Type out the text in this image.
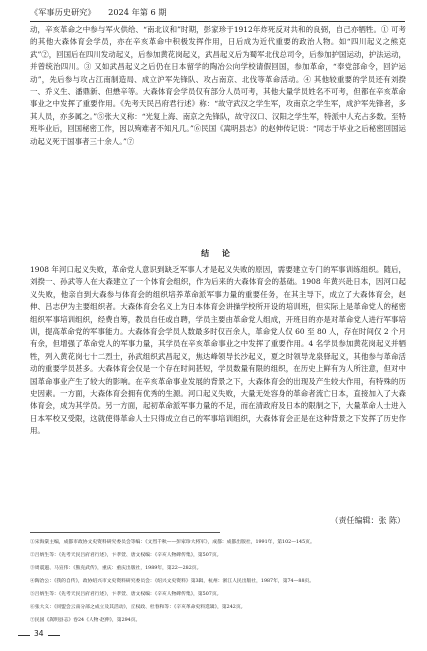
《军事历史研究》 2024 年第 6 期

动，辛亥革命之中参与军火供给、“南北议和”时期，彭家珍于1912年炸死反对共和的良弼，自己亦牺牲。① 可考的其他大森体育会学员，亦在辛亥革命中积极发挥作用，日后成为近代重要的政治人物。如“四川起义之熊克武”②，回国后在四川发动起义，后参加黄花岗起义，武昌起义后为蜀军北伐总司令，后参加护国运动，护法运动，并曾统治四川。③ 又如武昌起义之后仍在日本留学的陶冶公向学校请假回国，参加革命，“奉党部命令，回沪运动”，先后参与攻占江南制造局、成立沪军先锋队、攻占南京、北伐等革命活动。④ 其他较重要的学员还有刘揆一、乔义生、潘鼎新、但懋辛等。大森体育会学员仅有部分人员可考，其他大量学员姓名不可考，但都在辛亥革命事业之中发挥了重要作用。《先考天民吕府君行述》称：“故守武汉之学生军，攻南京之学生军，成沪军先锋者，多其人员，亦多属之。”⑤张大义称：“光复上海、南京之先锋队，故守汉口、汉阳之学生军，特派中人充占多数。至特班毕业后，回国秘密工作，因以殉难者不知凡几。”⑥民国《嵩明县志》的赵伸传记说：“同志于毕业之后秘密回国运动起义死于国事者三十余人。”⑦

结 论

1908 年河口起义失败，革命党人意识到缺乏军事人才是起义失败的原因，需要建立专门的军事训练组织。随后，刘揆一、孙武等人在大森建立了一个体育会组织，作为后来的大森体育会的基础。1908 年黄兴赴日本，因河口起义失败，他亲自到大森参与体育会的组织培养革命派军事力量的重要任务，在其主导下，成立了大森体育会，赵伸、吕志伊为主要组织者。大森体育会名义上为日本体育会讲操学校所开设的培训班，但实际上是革命党人的秘密组织军事培训组织，经费自筹，教员自任或自聘，学员主要由革命党人组成，开班目的亦是对革命党人进行军事培训，提高革命党的军事能力。大森体育会学员人数最多时仅百余人，革命党人仅 60 至 80 人，存在时间仅 2 个月有余，但增强了革命党人的军事力量，其学员在辛亥革命事业之中发挥了重要作用。4 名学员参加黄花岗起义并牺牲，列入黄花岗七十二烈士，孙武组织武昌起义，焦达峰领导长沙起义，夏之时领导龙泉驿起义，其他参与革命活动的重要学员甚多。大森体育会仅是一个存在时间甚短，学员数量有限的组织，在历史上鲜有为人所注意，但对中国革命事业产生了较大的影响。在辛亥革命事业发展的背景之下，大森体育会的出现及产生较大作用，有特殊的历史因素。一方面，大森体育会拥有优秀的生源。河口起义失败，大量无处容身的革命者流亡日本，直接加入了大森体育会，成为其学员。另一方面，起初革命派军事力量的不足，而在清政府及日本的限制之下，大量革命人士进入日本军校又受限，这就使得革命人士只得成立自己的军事培训组织，大森体育会正是在这种背景之下发挥了历史作用。

（责任编辑：张 陈）
①宋海棠主编，成都市政协文史资料研究委员会等编：《文烈千秋——彭家珍大将军》，成都：成都出版社，1991年，第102—145页。
②吕炳生等：《先考天民吕府君行述》，卞孝萱、唐文权编：《辛亥人物碑传集》，第507页。
③周震遐、马宣伟：《熊克武传》，重庆：重庆出版社，1989年，第22—282页。
④陶冶公：《我的自传》，政协绍兴市文史资料研究委员会：《绍兴文史资料》第3辑，杭州：浙江人民出版社，1987年，第74—88页。
⑤吕炳生等：《先考天民吕府君行述》，卞孝萱、唐文权编：《辛亥人物碑传集》，第507页。
⑥张大义：《同盟会云南分部之成立及其活动》，丘权政、杜春和等：《辛亥革命史料选辑》，第242页。
⑦民国《嵩明县志》卷24《人物·赵伸》，第294页。
34
